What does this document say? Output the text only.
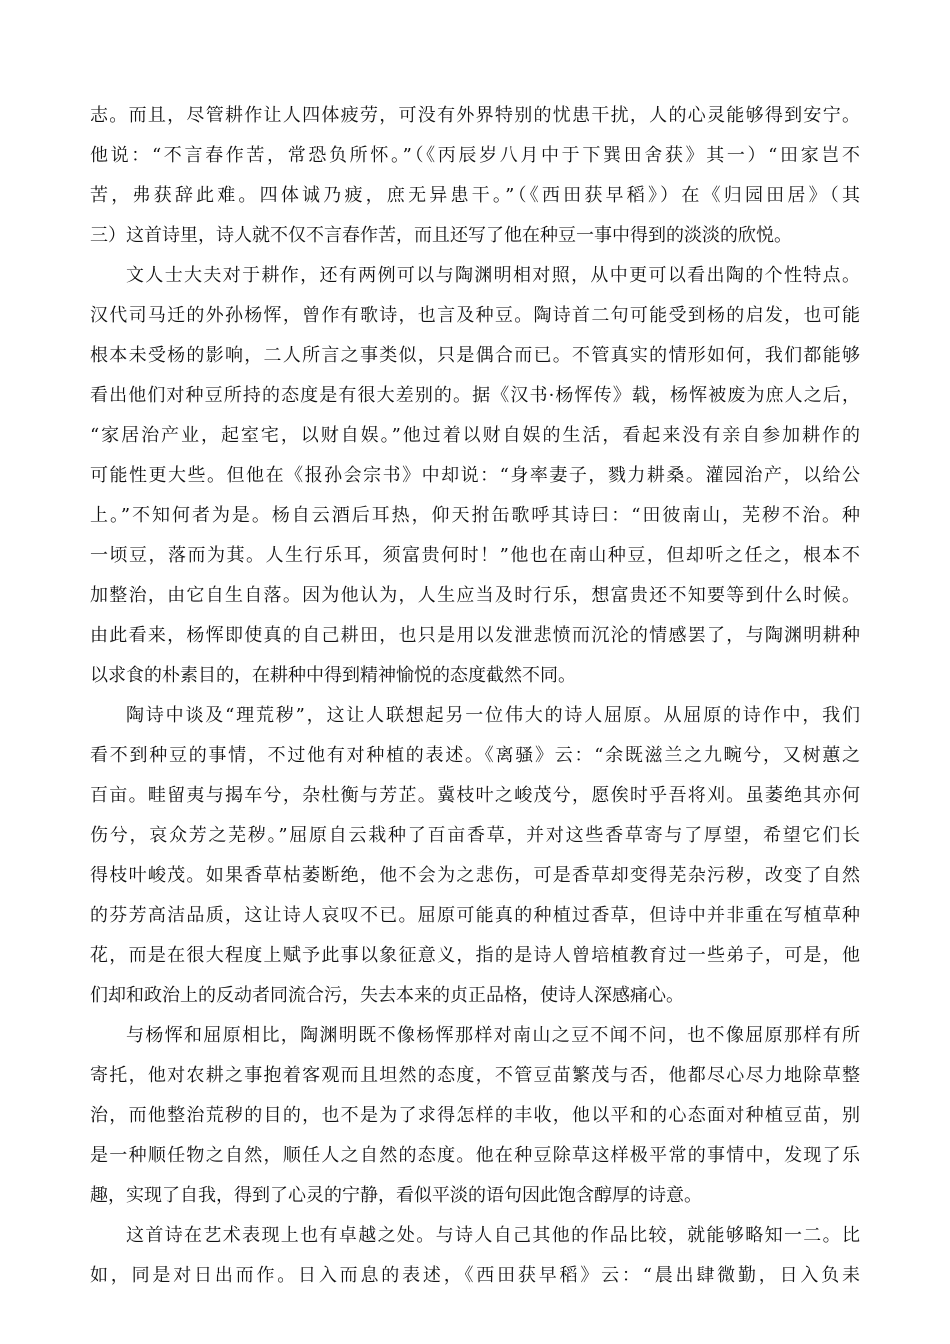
志。而且，尽管耕作让人四体疲劳，可没有外界特别的忧患干扰，人的心灵能够得到安宁。
他说：“不言春作苦，常恐负所怀。”（《丙辰岁八月中于下巽田舍获》其一）“田家岂不
苦，弗获辞此难。四体诚乃疲，庶无异患干。”（《西田获早稻》）在《归园田居》（其
三）这首诗里，诗人就不仅不言春作苦，而且还写了他在种豆一事中得到的淡淡的欣悦。
文人士大夫对于耕作，还有两例可以与陶渊明相对照，从中更可以看出陶的个性特点。
汉代司马迁的外孙杨恽，曾作有歌诗，也言及种豆。陶诗首二句可能受到杨的启发，也可能
根本未受杨的影响，二人所言之事类似，只是偶合而已。不管真实的情形如何，我们都能够
看出他们对种豆所持的态度是有很大差别的。据《汉书·杨恽传》载，杨恽被废为庶人之后，
“家居治产业，起室宅，以财自娱。”他过着以财自娱的生活，看起来没有亲自参加耕作的
可能性更大些。但他在《报孙会宗书》中却说：“身率妻子，戮力耕桑。灌园治产，以给公
上。”不知何者为是。杨自云酒后耳热，仰天拊缶歌呼其诗曰：“田彼南山，芜秽不治。种
一顷豆，落而为萁。人生行乐耳，须富贵何时！”他也在南山种豆，但却听之任之，根本不
加整治，由它自生自落。因为他认为，人生应当及时行乐，想富贵还不知要等到什么时候。
由此看来，杨恽即使真的自己耕田，也只是用以发泄悲愤而沉沦的情感罢了，与陶渊明耕种
以求食的朴素目的，在耕种中得到精神愉悦的态度截然不同。
陶诗中谈及“理荒秽”，这让人联想起另一位伟大的诗人屈原。从屈原的诗作中，我们
看不到种豆的事情，不过他有对种植的表述。《离骚》云：“余既滋兰之九畹兮，又树蕙之
百亩。畦留夷与揭车兮，杂杜衡与芳芷。冀枝叶之峻茂兮，愿俟时乎吾将刈。虽萎绝其亦何
伤兮，哀众芳之芜秽。”屈原自云栽种了百亩香草，并对这些香草寄与了厚望，希望它们长
得枝叶峻茂。如果香草枯萎断绝，他不会为之悲伤，可是香草却变得芜杂污秽，改变了自然
的芬芳高洁品质，这让诗人哀叹不已。屈原可能真的种植过香草，但诗中并非重在写植草种
花，而是在很大程度上赋予此事以象征意义，指的是诗人曾培植教育过一些弟子，可是，他
们却和政治上的反动者同流合污，失去本来的贞正品格，使诗人深感痛心。
与杨恽和屈原相比，陶渊明既不像杨恽那样对南山之豆不闻不问，也不像屈原那样有所
寄托，他对农耕之事抱着客观而且坦然的态度，不管豆苗繁茂与否，他都尽心尽力地除草整
治，而他整治荒秽的目的，也不是为了求得怎样的丰收，他以平和的心态面对种植豆苗，别
是一种顺任物之自然，顺任人之自然的态度。他在种豆除草这样极平常的事情中，发现了乐
趣，实现了自我，得到了心灵的宁静，看似平淡的语句因此饱含醇厚的诗意。
这首诗在艺术表现上也有卓越之处。与诗人自己其他的作品比较，就能够略知一二。比
如，同是对日出而作。日入而息的表述，《西田获早稻》云：“晨出肆微勤，日入负耒
